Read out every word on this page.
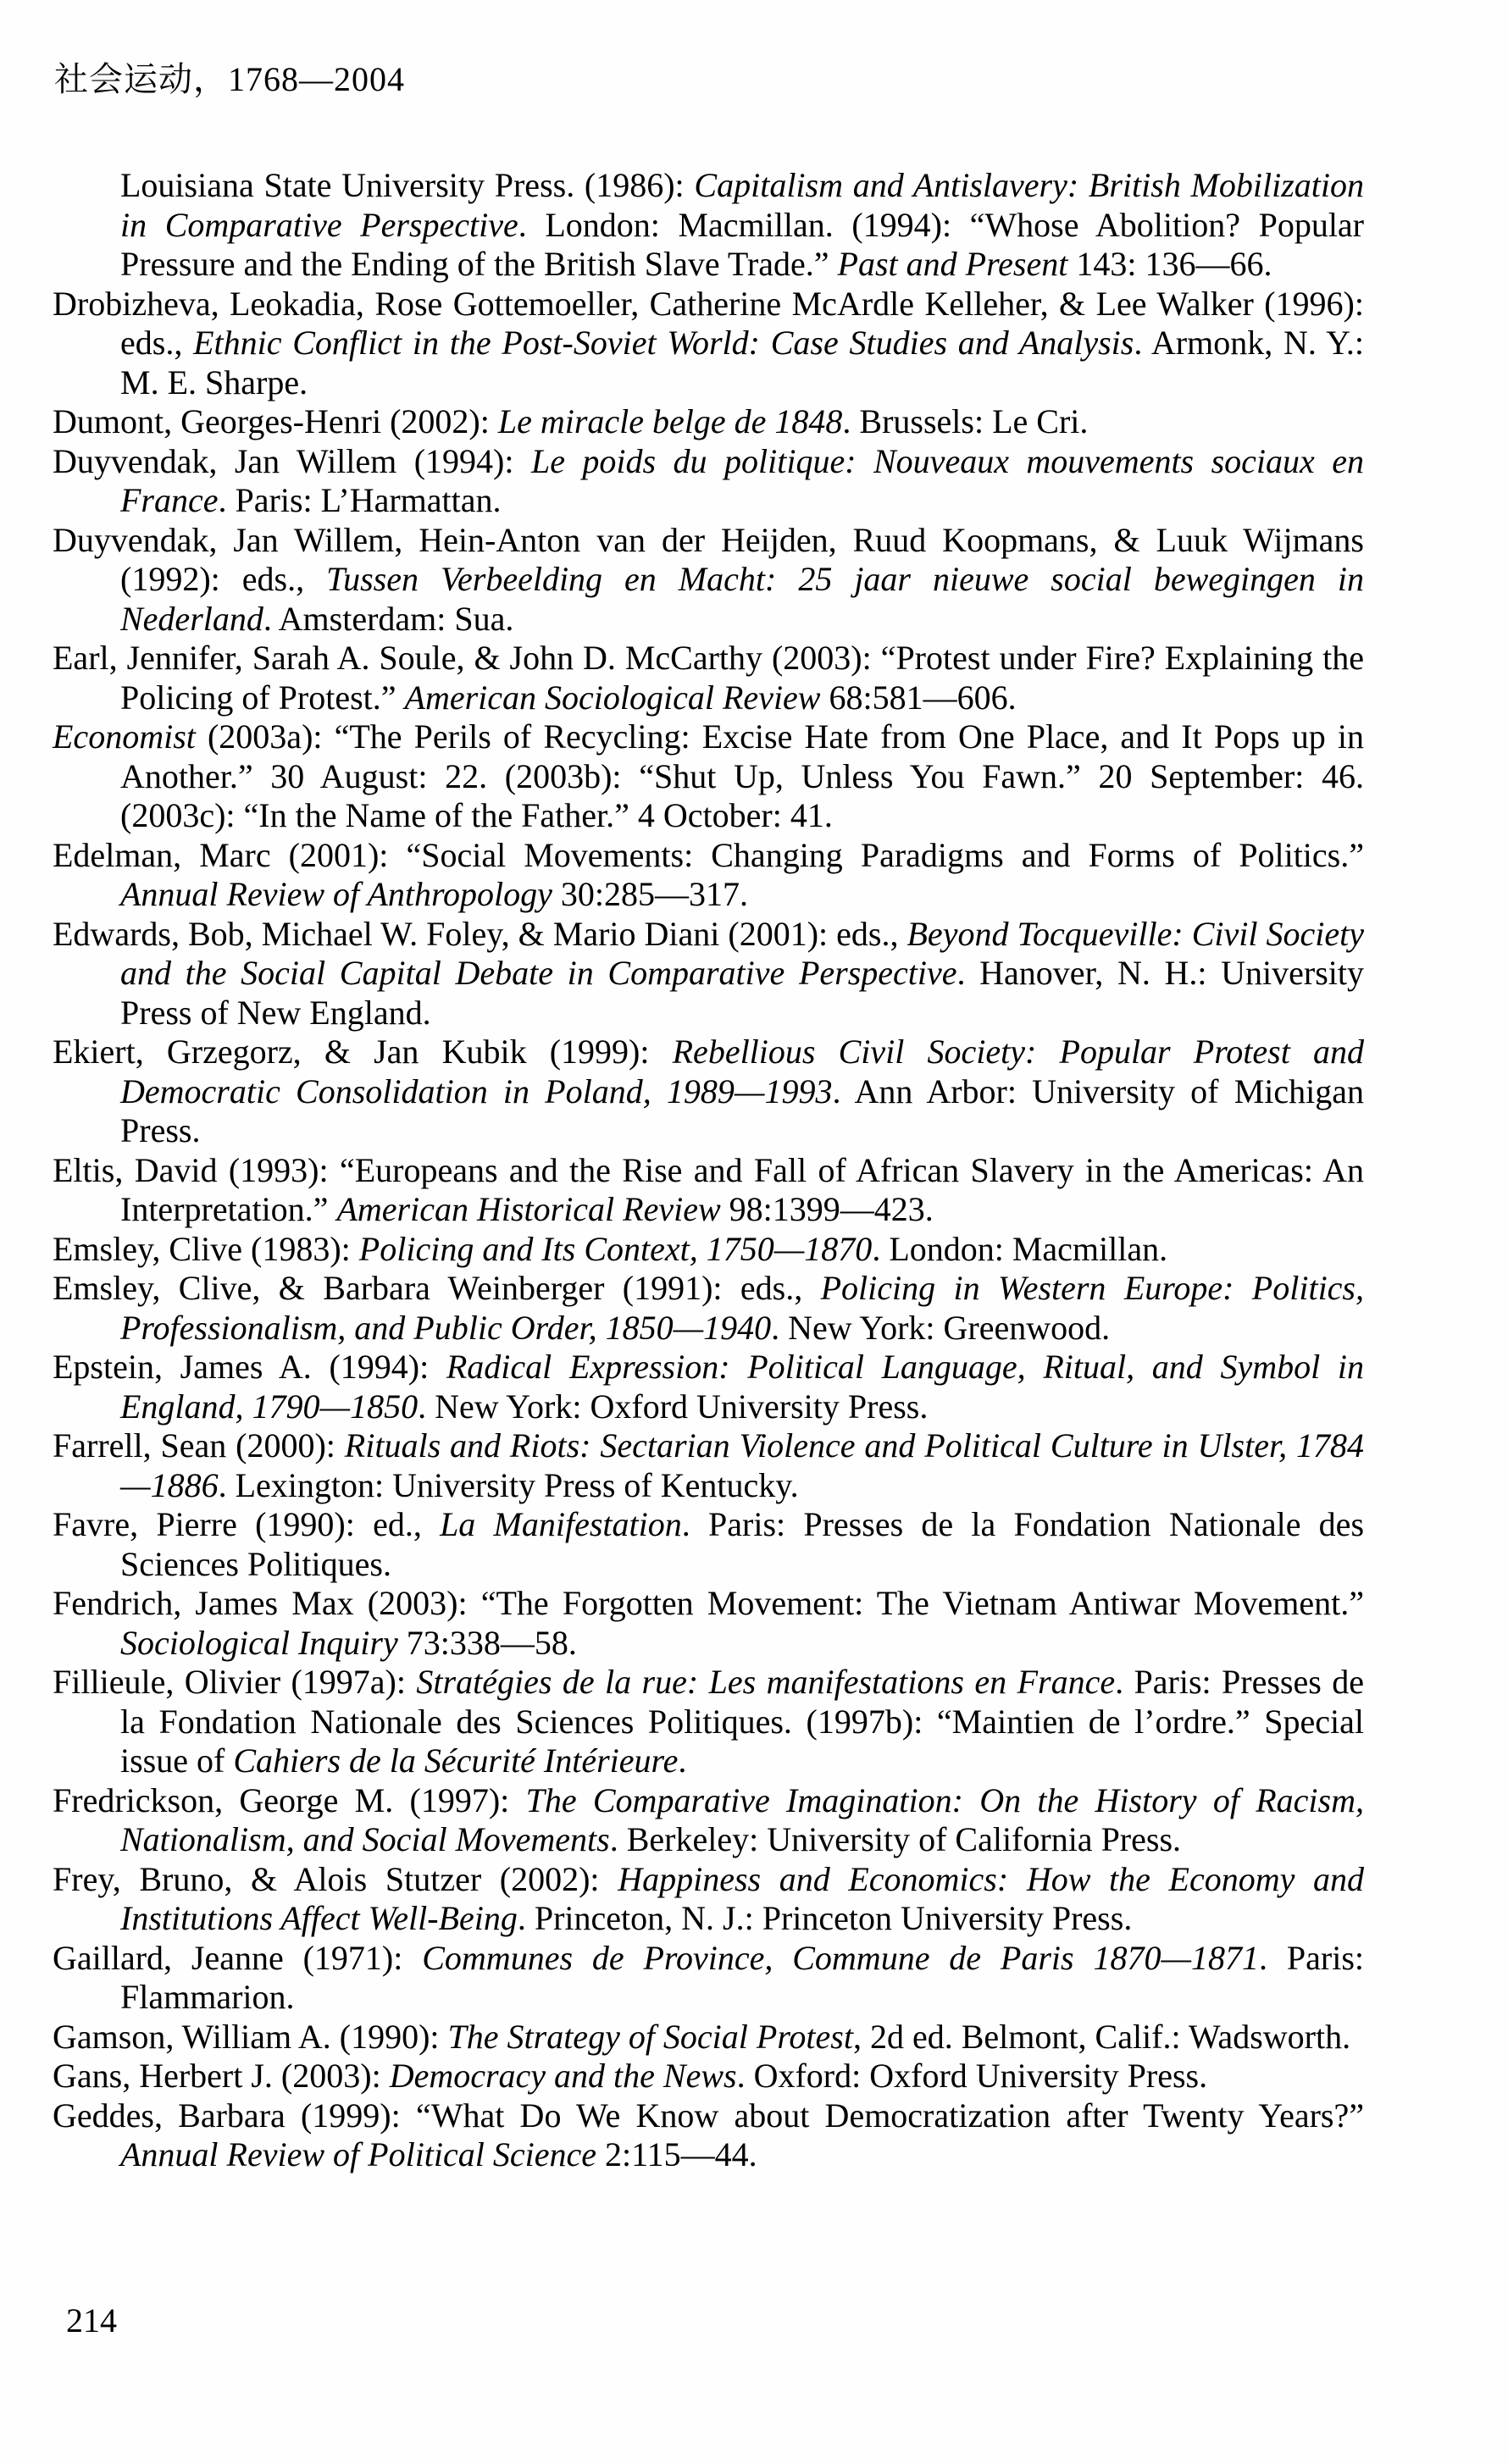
社会运动，1768—2004

Louisiana State University Press. (1986): Capitalism and Antislavery: British Mobilization in Comparative Perspective. London: Macmillan. (1994): “Whose Abolition? Popular Pressure and the Ending of the British Slave Trade.” Past and Present 143: 136—66.

Drobizheva, Leokadia, Rose Gottemoeller, Catherine McArdle Kelleher, & Lee Walker (1996): eds., Ethnic Conflict in the Post-Soviet World: Case Studies and Analysis. Armonk, N. Y.: M. E. Sharpe.

Dumont, Georges-Henri (2002): Le miracle belge de 1848. Brussels: Le Cri.

Duyvendak, Jan Willem (1994): Le poids du politique: Nouveaux mouvements sociaux en France. Paris: L’Harmattan.

Duyvendak, Jan Willem, Hein-Anton van der Heijden, Ruud Koopmans, & Luuk Wijmans (1992): eds., Tussen Verbeelding en Macht: 25 jaar nieuwe social bewegingen in Nederland. Amsterdam: Sua.

Earl, Jennifer, Sarah A. Soule, & John D. McCarthy (2003): “Protest under Fire? Explaining the Policing of Protest.” American Sociological Review 68:581—606.

Economist (2003a): “The Perils of Recycling: Excise Hate from One Place, and It Pops up in Another.” 30 August: 22. (2003b): “Shut Up, Unless You Fawn.” 20 September: 46. (2003c): “In the Name of the Father.” 4 October: 41.

Edelman, Marc (2001): “Social Movements: Changing Paradigms and Forms of Politics.” Annual Review of Anthropology 30:285—317.

Edwards, Bob, Michael W. Foley, & Mario Diani (2001): eds., Beyond Tocqueville: Civil Society and the Social Capital Debate in Comparative Perspective. Hanover, N. H.: University Press of New England.

Ekiert, Grzegorz, & Jan Kubik (1999): Rebellious Civil Society: Popular Protest and Democratic Consolidation in Poland, 1989—1993. Ann Arbor: University of Michigan Press.

Eltis, David (1993): “Europeans and the Rise and Fall of African Slavery in the Americas: An Interpretation.” American Historical Review 98:1399—423.

Emsley, Clive (1983): Policing and Its Context, 1750—1870. London: Macmillan.

Emsley, Clive, & Barbara Weinberger (1991): eds., Policing in Western Europe: Politics, Professionalism, and Public Order, 1850—1940. New York: Greenwood.

Epstein, James A. (1994): Radical Expression: Political Language, Ritual, and Symbol in England, 1790—1850. New York: Oxford University Press.

Farrell, Sean (2000): Rituals and Riots: Sectarian Violence and Political Culture in Ulster, 1784—1886. Lexington: University Press of Kentucky.

Favre, Pierre (1990): ed., La Manifestation. Paris: Presses de la Fondation Nationale des Sciences Politiques.

Fendrich, James Max (2003): “The Forgotten Movement: The Vietnam Antiwar Movement.” Sociological Inquiry 73:338—58.

Fillieule, Olivier (1997a): Stratégies de la rue: Les manifestations en France. Paris: Presses de la Fondation Nationale des Sciences Politiques. (1997b): “Maintien de l’ordre.” Special issue of Cahiers de la Sécurité Intérieure.

Fredrickson, George M. (1997): The Comparative Imagination: On the History of Racism, Nationalism, and Social Movements. Berkeley: University of California Press.

Frey, Bruno, & Alois Stutzer (2002): Happiness and Economics: How the Economy and Institutions Affect Well-Being. Princeton, N. J.: Princeton University Press.

Gaillard, Jeanne (1971): Communes de Province, Commune de Paris 1870—1871. Paris: Flammarion.

Gamson, William A. (1990): The Strategy of Social Protest, 2d ed. Belmont, Calif.: Wadsworth.

Gans, Herbert J. (2003): Democracy and the News. Oxford: Oxford University Press.

Geddes, Barbara (1999): “What Do We Know about Democratization after Twenty Years?” Annual Review of Political Science 2:115—44.

214
